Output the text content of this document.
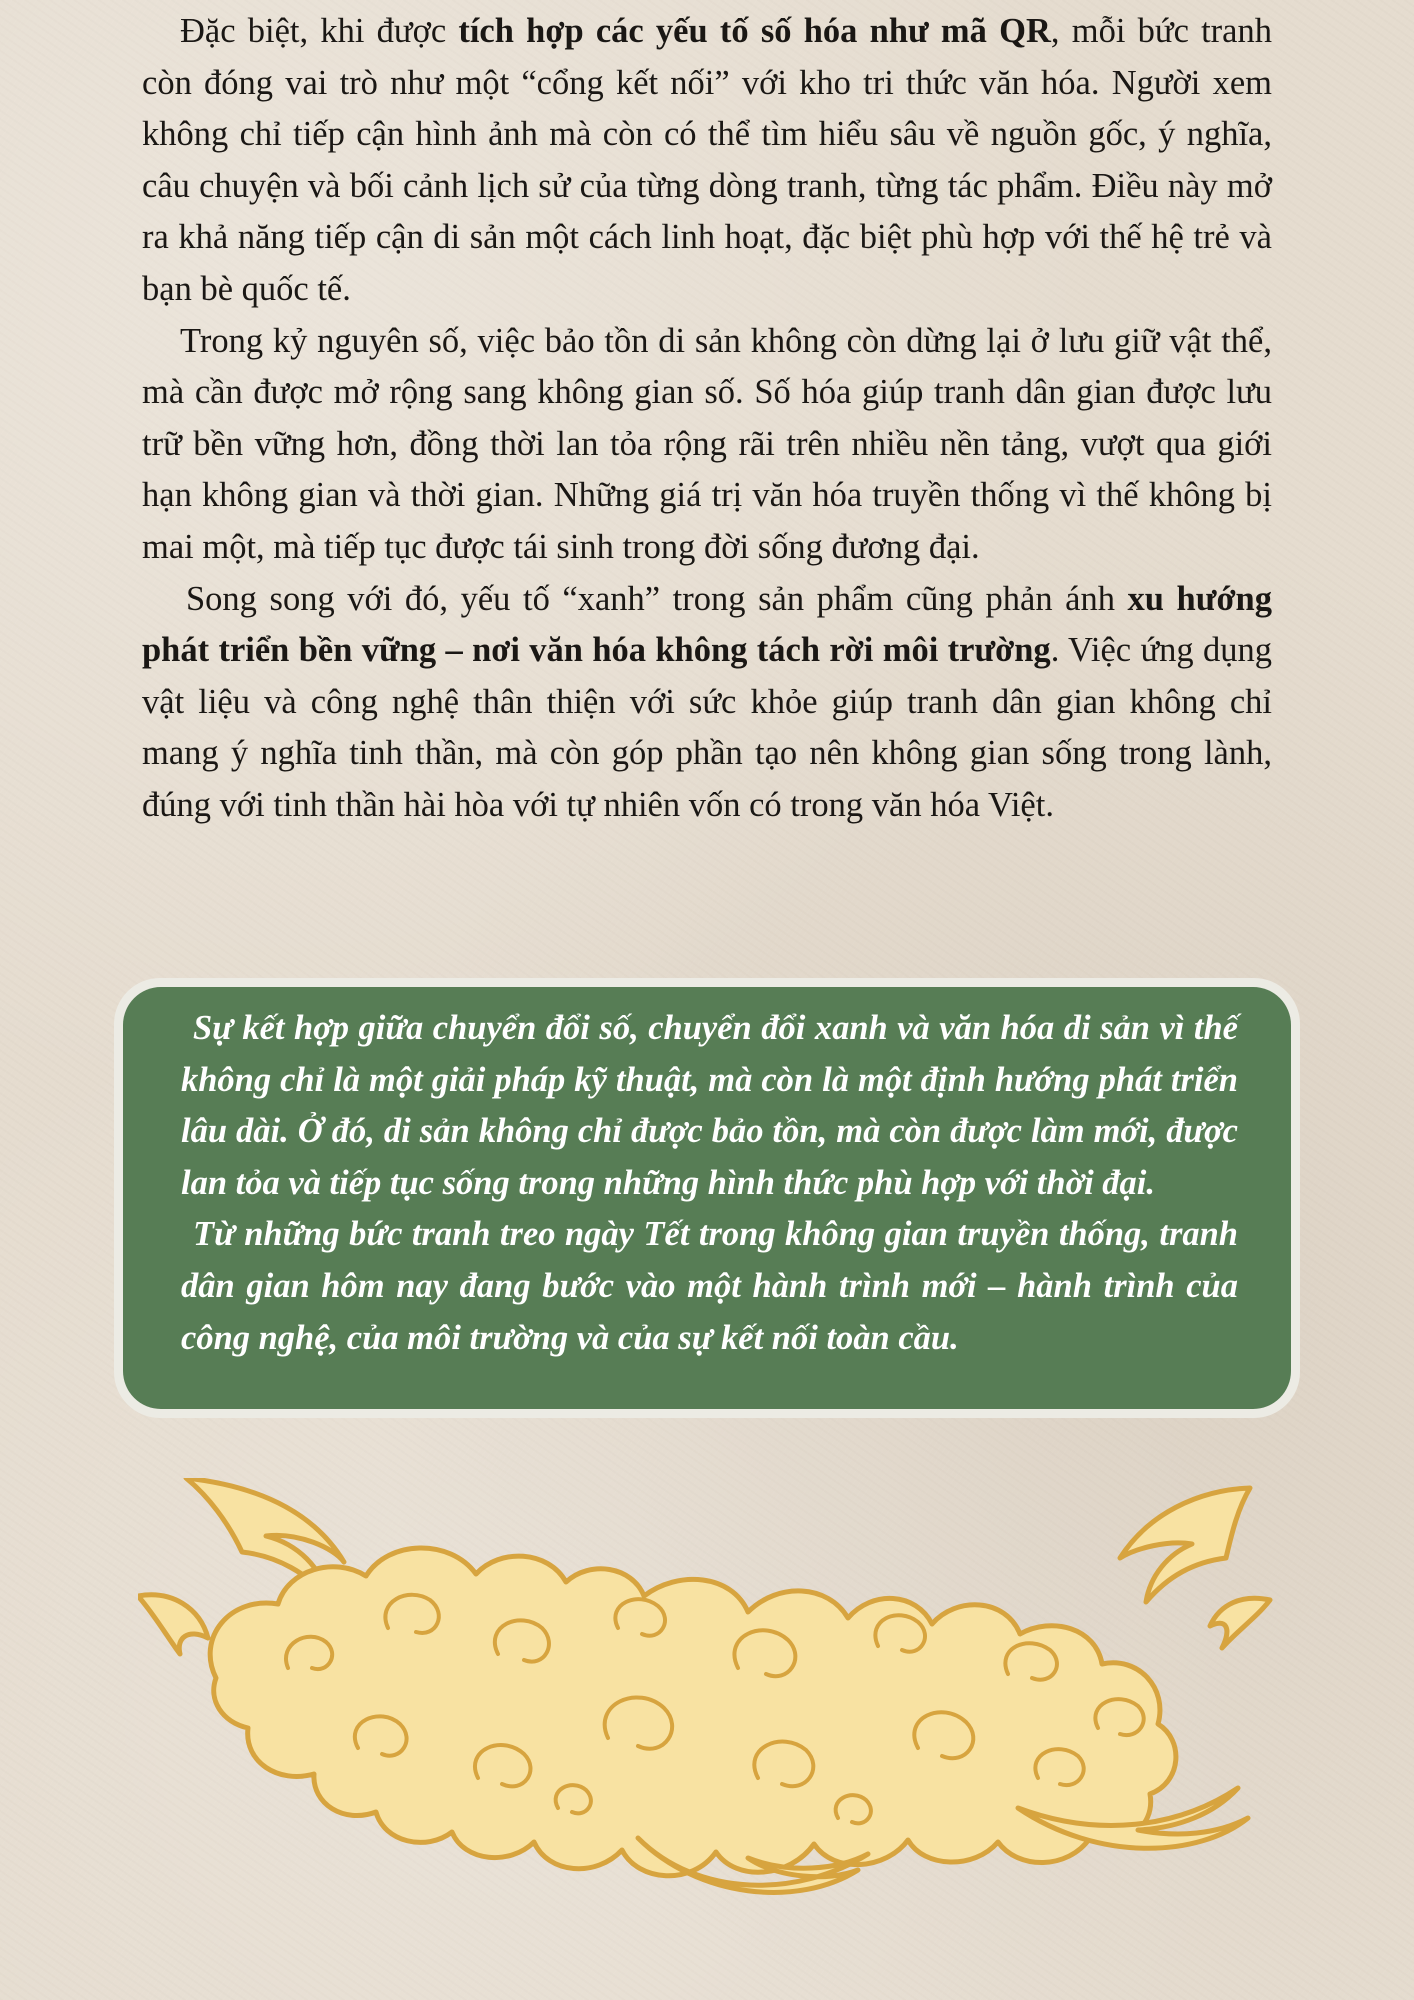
Đặc biệt, khi được tích hợp các yếu tố số hóa như mã QR, mỗi bức tranh còn đóng vai trò như một “cổng kết nối” với kho tri thức văn hóa. Người xem không chỉ tiếp cận hình ảnh mà còn có thể tìm hiểu sâu về nguồn gốc, ý nghĩa, câu chuyện và bối cảnh lịch sử của từng dòng tranh, từng tác phẩm. Điều này mở ra khả năng tiếp cận di sản một cách linh hoạt, đặc biệt phù hợp với thế hệ trẻ và bạn bè quốc tế.

Trong kỷ nguyên số, việc bảo tồn di sản không còn dừng lại ở lưu giữ vật thể, mà cần được mở rộng sang không gian số. Số hóa giúp tranh dân gian được lưu trữ bền vững hơn, đồng thời lan tỏa rộng rãi trên nhiều nền tảng, vượt qua giới hạn không gian và thời gian. Những giá trị văn hóa truyền thống vì thế không bị mai một, mà tiếp tục được tái sinh trong đời sống đương đại.

Song song với đó, yếu tố “xanh” trong sản phẩm cũng phản ánh xu hướng phát triển bền vững – nơi văn hóa không tách rời môi trường. Việc ứng dụng vật liệu và công nghệ thân thiện với sức khỏe giúp tranh dân gian không chỉ mang ý nghĩa tinh thần, mà còn góp phần tạo nên không gian sống trong lành, đúng với tinh thần hài hòa với tự nhiên vốn có trong văn hóa Việt.

Sự kết hợp giữa chuyển đổi số, chuyển đổi xanh và văn hóa di sản vì thế không chỉ là một giải pháp kỹ thuật, mà còn là một định hướng phát triển lâu dài. Ở đó, di sản không chỉ được bảo tồn, mà còn được làm mới, được lan tỏa và tiếp tục sống trong những hình thức phù hợp với thời đại.

Từ những bức tranh treo ngày Tết trong không gian truyền thống, tranh dân gian hôm nay đang bước vào một hành trình mới – hành trình của công nghệ, của môi trường và của sự kết nối toàn cầu.
